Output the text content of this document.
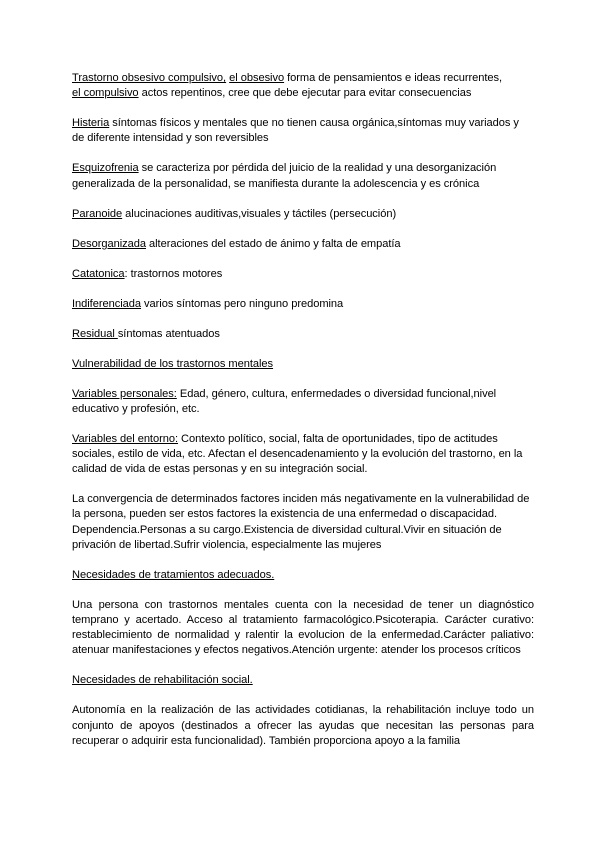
Trastorno obsesivo compulsivo, el obsesivo forma de pensamientos e ideas recurrentes,
el compulsivo actos repentinos, cree que debe ejecutar para evitar consecuencias

Histeria síntomas físicos y mentales que no tienen causa orgánica,síntomas muy variados y de diferente intensidad y son reversibles

Esquizofrenia se caracteriza por pérdida del juicio de la realidad y una desorganización generalizada de la personalidad, se manifiesta durante la adolescencia y es crónica

Paranoide alucinaciones auditivas,visuales y táctiles (persecución)

Desorganizada alteraciones del estado de ánimo y falta de empatía

Catatonica: trastornos motores

Indiferenciada varios síntomas pero ninguno predomina

Residual síntomas atentuados

Vulnerabilidad de los trastornos mentales

Variables personales: Edad, género, cultura, enfermedades o diversidad funcional,nivel educativo y profesión, etc.

Variables del entorno: Contexto político, social, falta de oportunidades, tipo de actitudes sociales, estilo de vida, etc. Afectan el desencadenamiento y la evolución del trastorno, en la calidad de vida de estas personas y en su integración social.

La convergencia de determinados factores inciden más negativamente en la vulnerabilidad de la persona, pueden ser estos factores la existencia de una enfermedad o discapacidad. Dependencia.Personas a su cargo.Existencia de diversidad cultural.Vivir en situación de privación de libertad.Sufrir violencia, especialmente las mujeres

Necesidades de tratamientos adecuados.

Una persona con trastornos mentales cuenta con la necesidad de tener un diagnóstico temprano y acertado. Acceso al tratamiento farmacológico.Psicoterapia. Carácter curativo: restablecimiento de normalidad y ralentir la evolucion de la enfermedad.Carácter paliativo: atenuar manifestaciones y efectos negativos.Atención urgente: atender los procesos críticos

Necesidades de rehabilitación social.

Autonomía en la realización de las actividades cotidianas, la rehabilitación incluye todo un conjunto de apoyos (destinados a ofrecer las ayudas que necesitan las personas para recuperar o adquirir esta funcionalidad). También proporciona apoyo a la familia
